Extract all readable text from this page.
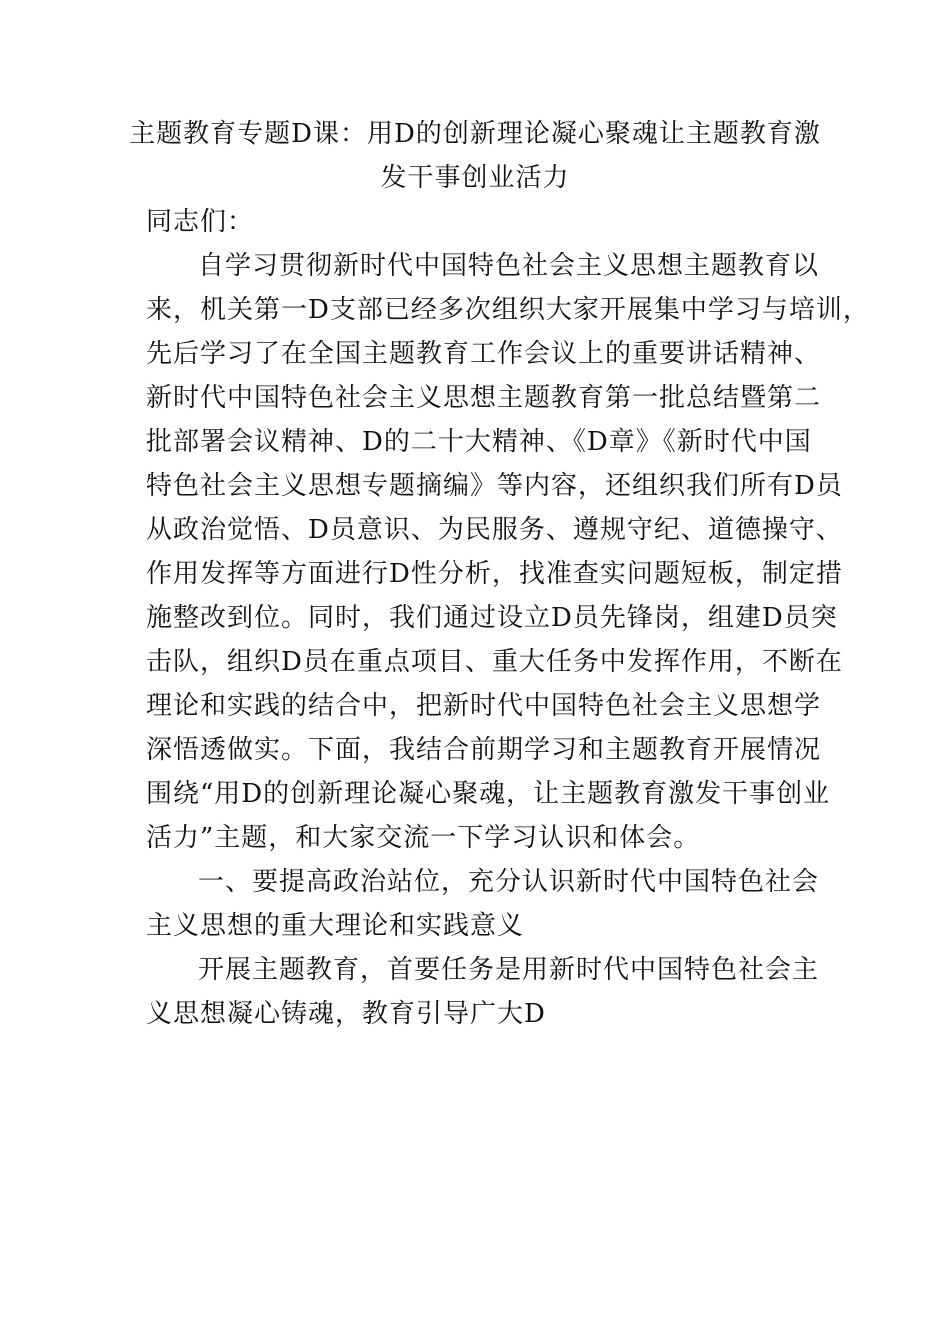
主题教育专题D课：用D的创新理论凝心聚魂让主题教育激
发干事创业活力
同志们：
自学习贯彻新时代中国特色社会主义思想主题教育以
来，机关第一D支部已经多次组织大家开展集中学习与培训，
先后学习了在全国主题教育工作会议上的重要讲话精神、
新时代中国特色社会主义思想主题教育第一批总结暨第二
批部署会议精神、D的二十大精神、《D章》《新时代中国
特色社会主义思想专题摘编》等内容，还组织我们所有D员
从政治觉悟、D员意识、为民服务、遵规守纪、道德操守、
作用发挥等方面进行D性分析，找准查实问题短板，制定措
施整改到位。同时，我们通过设立D员先锋岗，组建D员突
击队，组织D员在重点项目、重大任务中发挥作用，不断在
理论和实践的结合中，把新时代中国特色社会主义思想学
深悟透做实。下面，我结合前期学习和主题教育开展情况
围绕“用D的创新理论凝心聚魂，让主题教育激发干事创业
活力”主题，和大家交流一下学习认识和体会。
一、要提高政治站位，充分认识新时代中国特色社会
主义思想的重大理论和实践意义
开展主题教育，首要任务是用新时代中国特色社会主
义思想凝心铸魂，教育引导广大D
